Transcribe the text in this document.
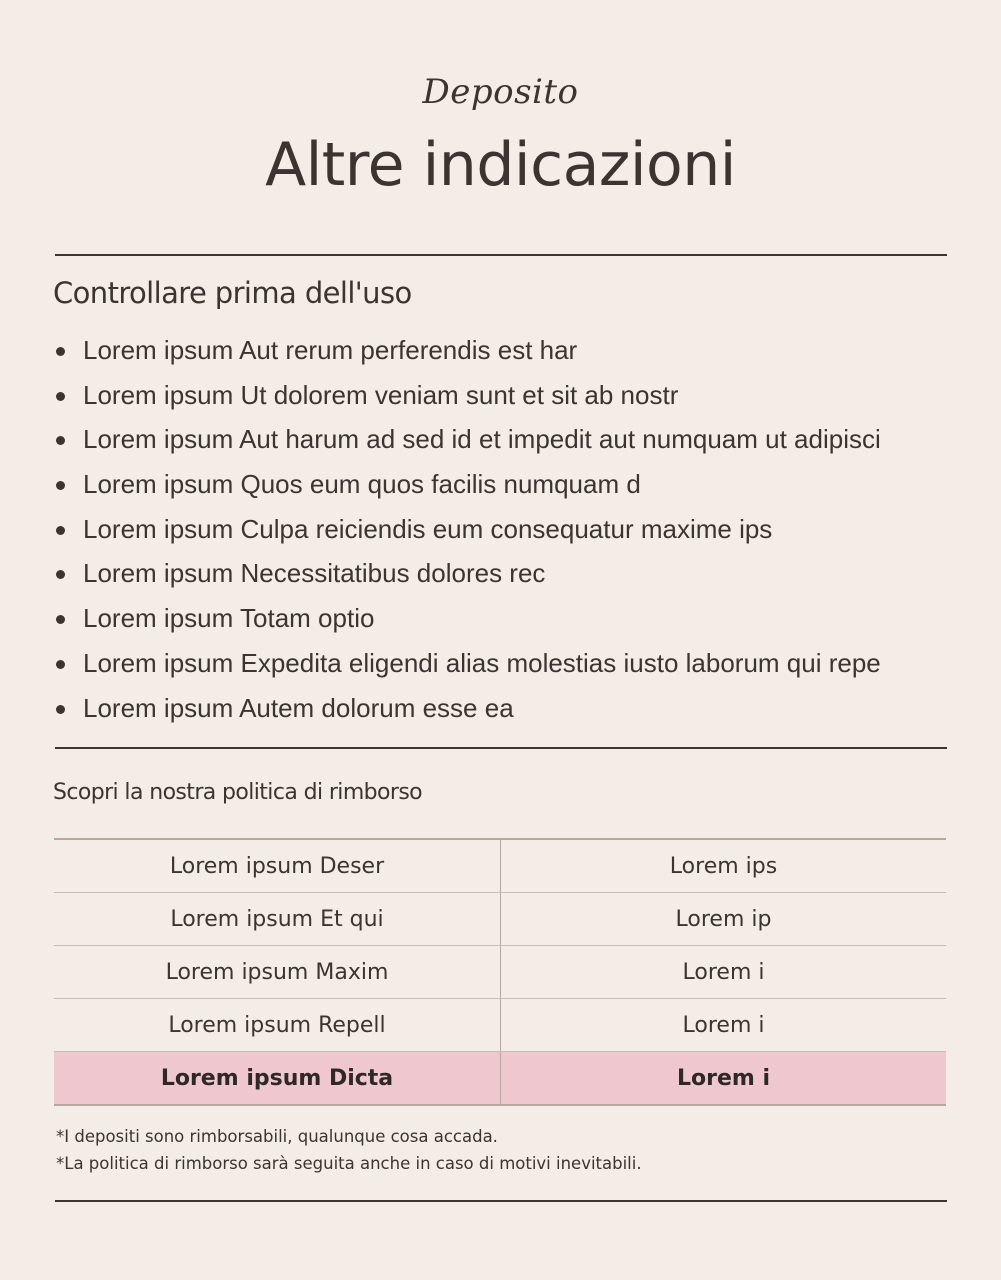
Deposito
Altre indicazioni
Controllare prima dell'uso
Lorem ipsum Aut rerum perferendis est har
Lorem ipsum Ut dolorem veniam sunt et sit ab nostr
Lorem ipsum Aut harum ad sed id et impedit aut numquam ut adipisci
Lorem ipsum Quos eum quos facilis numquam d
Lorem ipsum Culpa reiciendis eum consequatur maxime ips
Lorem ipsum Necessitatibus dolores rec
Lorem ipsum Totam optio
Lorem ipsum Expedita eligendi alias molestias iusto laborum qui repe
Lorem ipsum Autem dolorum esse ea
Scopri la nostra politica di rimborso
Lorem ipsum Deser	Lorem ips
Lorem ipsum Et qui	Lorem ip
Lorem ipsum Maxim	Lorem i
Lorem ipsum Repell	Lorem i
Lorem ipsum Dicta	Lorem i
*I depositi sono rimborsabili, qualunque cosa accada.
*La politica di rimborso sarà seguita anche in caso di motivi inevitabili.
